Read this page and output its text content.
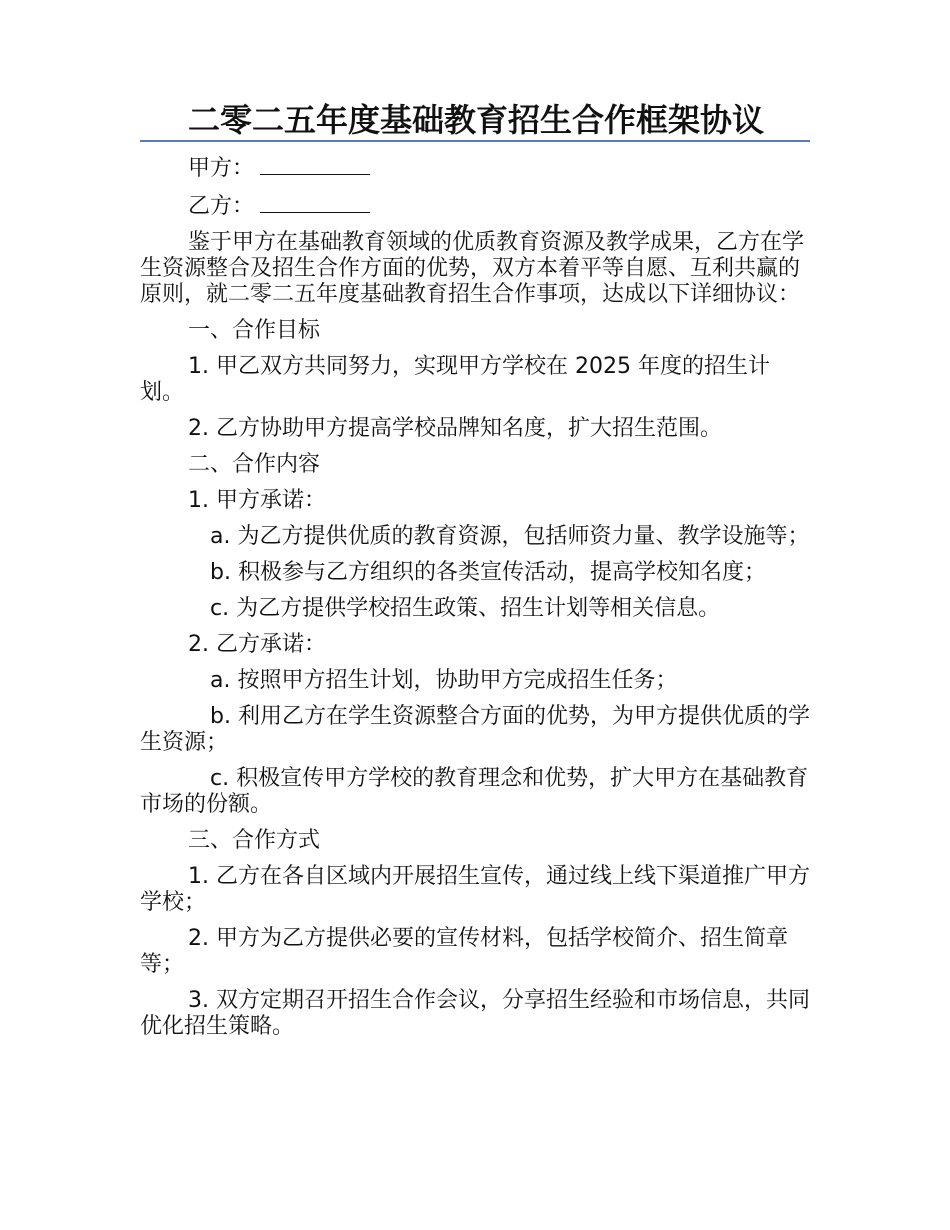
二零二五年度基础教育招生合作框架协议
甲方：
乙方：
鉴于甲方在基础教育领域的优质教育资源及教学成果，乙方在学生资源整合及招生合作方面的优势，双方本着平等自愿、互利共赢的原则，就二零二五年度基础教育招生合作事项，达成以下详细协议：
一、合作目标
1. 甲乙双方共同努力，实现甲方学校在 2025 年度的招生计划。
2. 乙方协助甲方提高学校品牌知名度，扩大招生范围。
二、合作内容
1. 甲方承诺：
a. 为乙方提供优质的教育资源，包括师资力量、教学设施等；
b. 积极参与乙方组织的各类宣传活动，提高学校知名度；
c. 为乙方提供学校招生政策、招生计划等相关信息。
2. 乙方承诺：
a. 按照甲方招生计划，协助甲方完成招生任务；
b. 利用乙方在学生资源整合方面的优势，为甲方提供优质的学生资源；
c. 积极宣传甲方学校的教育理念和优势，扩大甲方在基础教育市场的份额。
三、合作方式
1. 乙方在各自区域内开展招生宣传，通过线上线下渠道推广甲方学校；
2. 甲方为乙方提供必要的宣传材料，包括学校简介、招生简章等；
3. 双方定期召开招生合作会议，分享招生经验和市场信息，共同优化招生策略。
